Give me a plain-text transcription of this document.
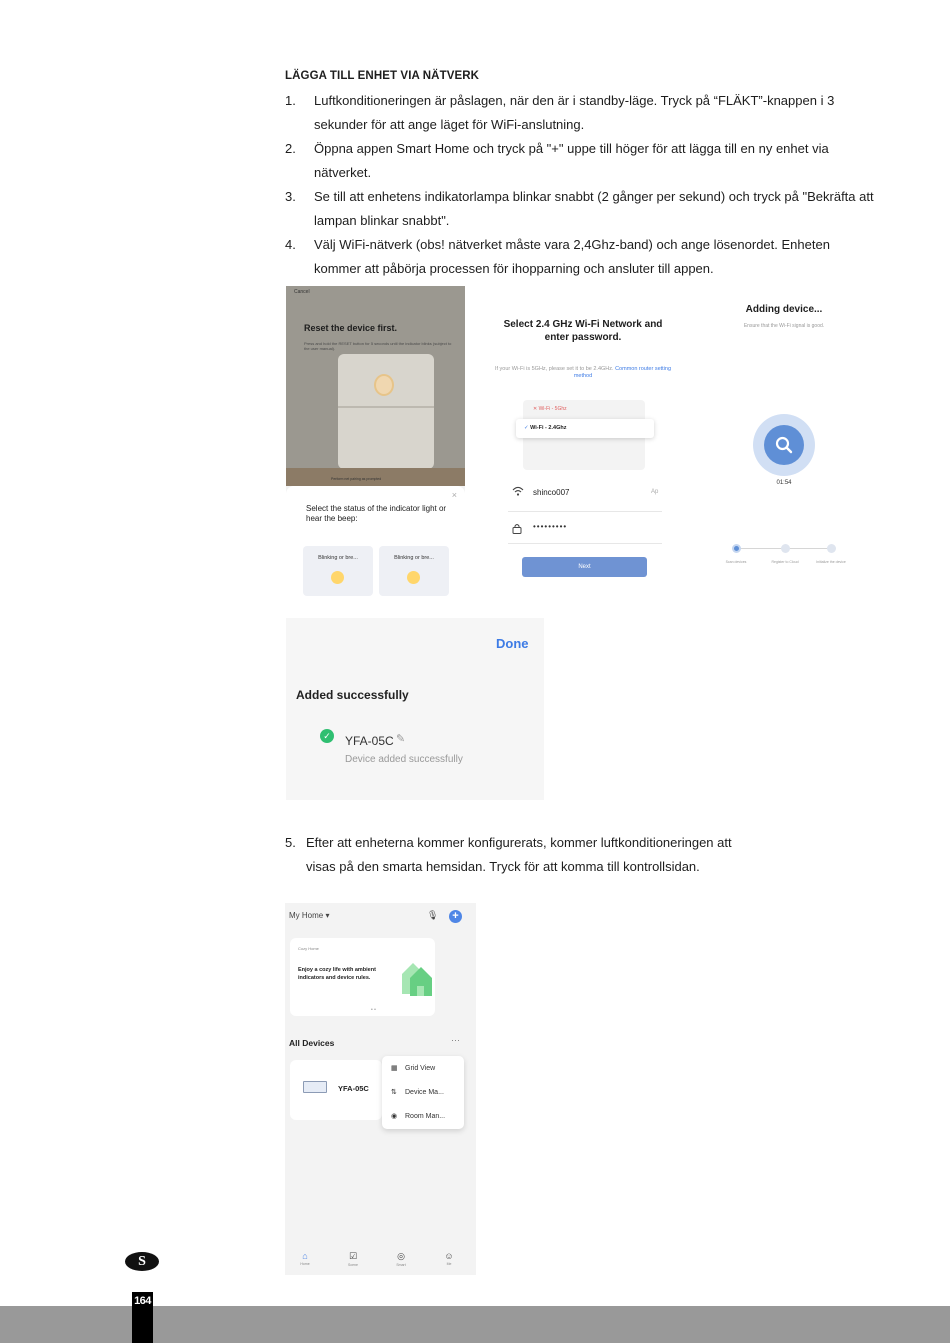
LÄGGA TILL ENHET VIA NÄTVERK
1. Luftkonditioneringen är påslagen, när den är i standby-läge. Tryck på “FLÄKT”-knappen i 3 sekunder för att ange läget för WiFi-anslutning.
2. Öppna appen Smart Home och tryck på "+" uppe till höger för att lägga till en ny enhet via nätverket.
3. Se till att enhetens indikatorlampa blinkar snabbt (2 gånger per sekund) och tryck på "Bekräfta att lampan blinkar snabbt".
4. Välj WiFi-nätverk (obs! nätverket måste vara 2,4Ghz-band) och ange lösenordet. Enheten kommer att påbörja processen för ihopparning och ansluter till appen.
Cancel
Reset the device first.
Press and hold the RESET button for 5 seconds until the indicator blinks (subject to the user manual).
Perform net pairing as prompted
×
Select the status of the indicator light or hear the beep:
Blinking or bre...	Blinking or bre...
Select 2.4 GHz Wi-Fi Network and enter password.
If your Wi-Fi is 5GHz, please set it to be 2.4GHz. Common router setting method
✕ Wi-Fi - 5Ghz
✓ Wi-Fi - 2.4Ghz
shinco007	Ap
•••••••••
Next
Adding device...
Ensure that the Wi-Fi signal is good.
01:54
Scan devices	Register to Cloud	Initialize the device
Done
Added successfully
✓ YFA-05C ✎
Device added successfully
5. Efter att enheterna kommer konfigurerats, kommer luftkonditioneringen att visas på den smarta hemsidan. Tryck för att komma till kontrollsidan.
My Home ▾	🎙 +
Cozy Home
Enjoy a cozy life with ambient indicators and device rules.
• •
All Devices	···
YFA-05C
▦ Grid View
⇅ Device Ma...
◉ Room Man...
⌂
Home
☑
Scene
◎
Smart
☺
Me
S
164
